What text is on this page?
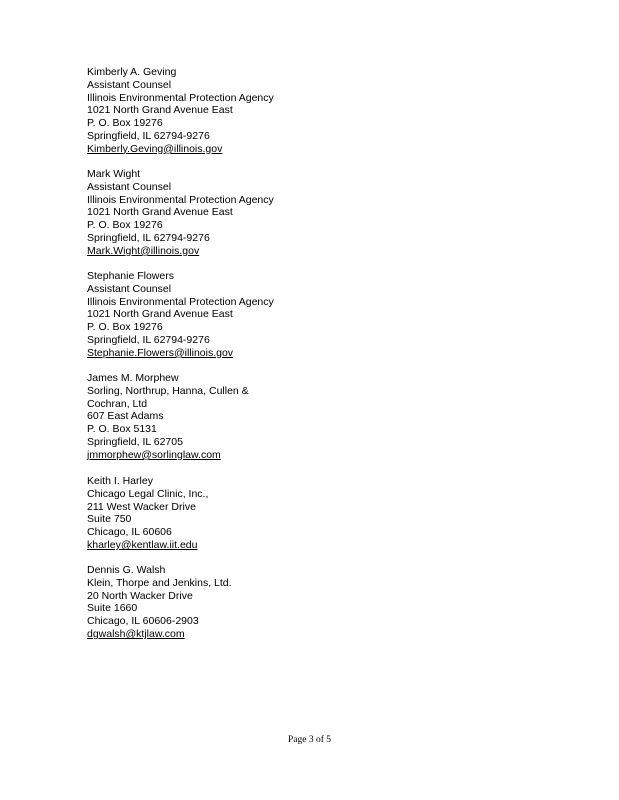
Kimberly A. Geving
Assistant Counsel
Illinois Environmental Protection Agency
1021 North Grand Avenue East
P. O. Box 19276
Springfield, IL 62794-9276
Kimberly.Geving@illinois.gov
Mark Wight
Assistant Counsel
Illinois Environmental Protection Agency
1021 North Grand Avenue East
P. O. Box 19276
Springfield, IL 62794-9276
Mark.Wight@illinois.gov
Stephanie Flowers
Assistant Counsel
Illinois Environmental Protection Agency
1021 North Grand Avenue East
P. O. Box 19276
Springfield, IL 62794-9276
Stephanie.Flowers@illinois.gov
James M. Morphew
Sorling, Northrup, Hanna, Cullen &
Cochran, Ltd
607 East Adams
P. O. Box 5131
Springfield, IL 62705
jmmorphew@sorlinglaw.com
Keith I. Harley
Chicago Legal Clinic, Inc.,
211 West Wacker Drive
Suite 750
Chicago, IL 60606
kharley@kentlaw.iit.edu
Dennis G. Walsh
Klein, Thorpe and Jenkins, Ltd.
20 North Wacker Drive
Suite 1660
Chicago, IL 60606-2903
dgwalsh@ktjlaw.com
Page 3 of 5
